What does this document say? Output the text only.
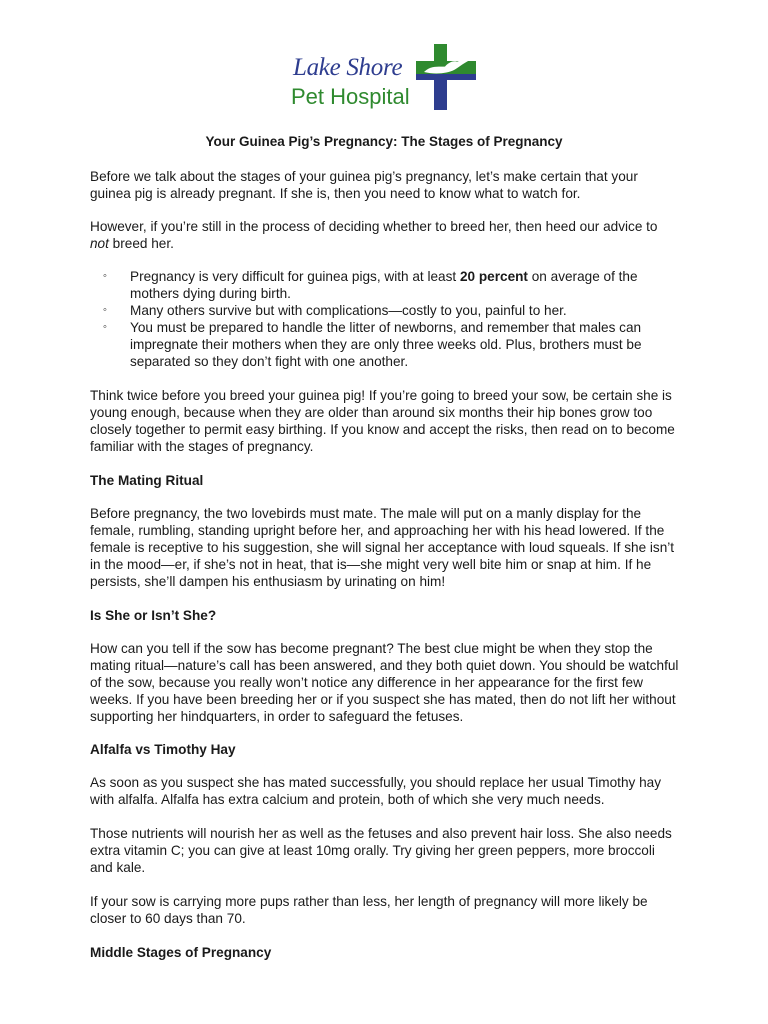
Lake Shore
Pet Hospital
Your Guinea Pig’s Pregnancy: The Stages of Pregnancy

Before we talk about the stages of your guinea pig’s pregnancy, let’s make certain that your guinea pig is already pregnant. If she is, then you need to know what to watch for.

However, if you’re still in the process of deciding whether to breed her, then heed our advice to not breed her.

◦ Pregnancy is very difficult for guinea pigs, with at least 20 percent on average of the mothers dying during birth.
◦ Many others survive but with complications—costly to you, painful to her.
◦ You must be prepared to handle the litter of newborns, and remember that males can impregnate their mothers when they are only three weeks old. Plus, brothers must be separated so they don’t fight with one another.

Think twice before you breed your guinea pig! If you’re going to breed your sow, be certain she is young enough, because when they are older than around six months their hip bones grow too closely together to permit easy birthing. If you know and accept the risks, then read on to become familiar with the stages of pregnancy.

The Mating Ritual

Before pregnancy, the two lovebirds must mate. The male will put on a manly display for the female, rumbling, standing upright before her, and approaching her with his head lowered. If the female is receptive to his suggestion, she will signal her acceptance with loud squeals. If she isn’t in the mood—er, if she’s not in heat, that is—she might very well bite him or snap at him. If he persists, she’ll dampen his enthusiasm by urinating on him!

Is She or Isn’t She?

How can you tell if the sow has become pregnant? The best clue might be when they stop the mating ritual—nature’s call has been answered, and they both quiet down. You should be watchful of the sow, because you really won’t notice any difference in her appearance for the first few weeks. If you have been breeding her or if you suspect she has mated, then do not lift her without supporting her hindquarters, in order to safeguard the fetuses.

Alfalfa vs Timothy Hay

As soon as you suspect she has mated successfully, you should replace her usual Timothy hay with alfalfa. Alfalfa has extra calcium and protein, both of which she very much needs.

Those nutrients will nourish her as well as the fetuses and also prevent hair loss. She also needs extra vitamin C; you can give at least 10mg orally. Try giving her green peppers, more broccoli and kale.

If your sow is carrying more pups rather than less, her length of pregnancy will more likely be closer to 60 days than 70.

Middle Stages of Pregnancy
